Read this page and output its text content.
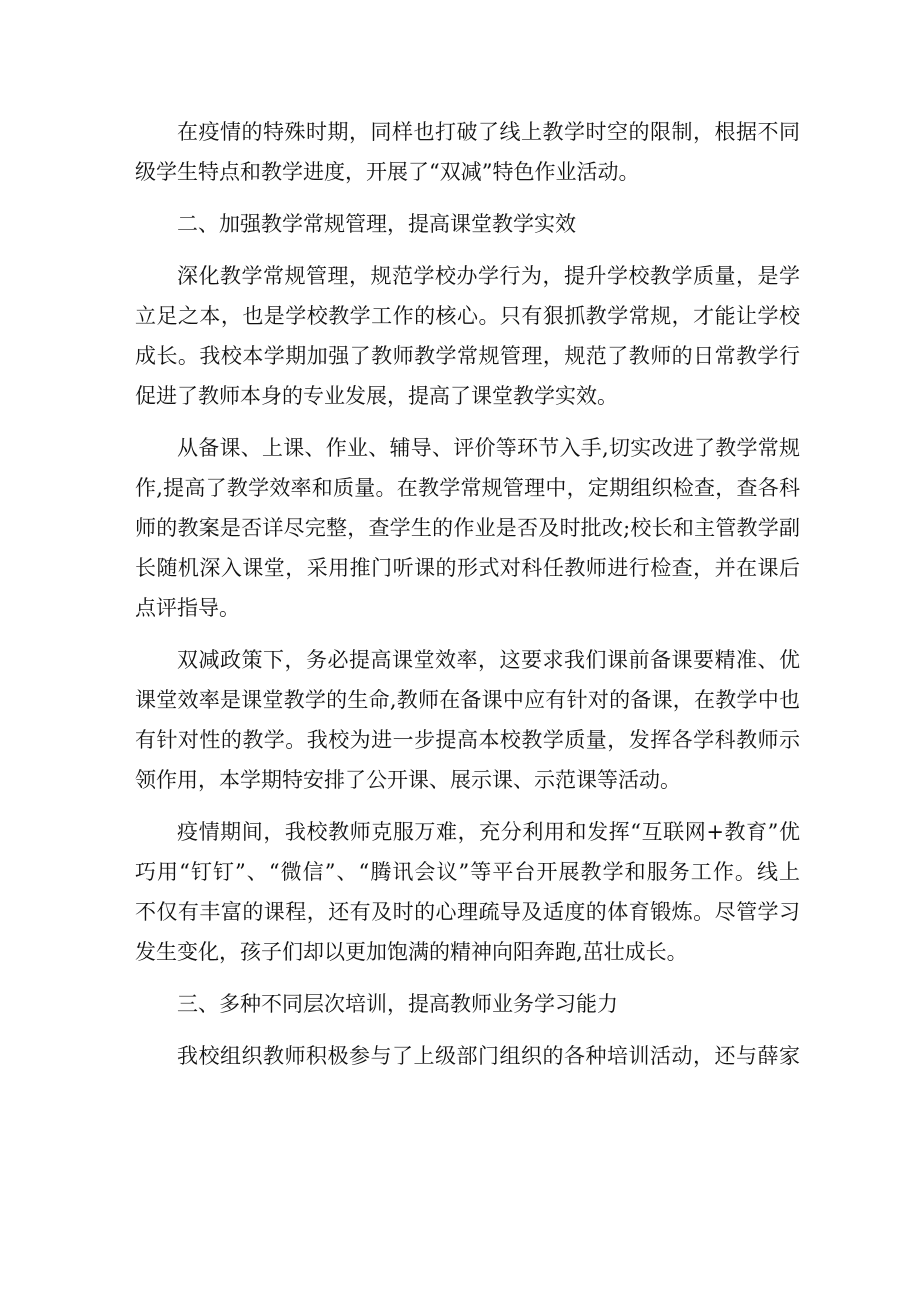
在疫情的特殊时期，同样也打破了线上教学时空的限制，根据不同
级学生特点和教学进度，开展了“双减”特色作业活动。
二、加强教学常规管理，提高课堂教学实效
深化教学常规管理，规范学校办学行为，提升学校教学质量，是学
立足之本，也是学校教学工作的核心。只有狠抓教学常规，才能让学校
成长。我校本学期加强了教师教学常规管理，规范了教师的日常教学行
促进了教师本身的专业发展，提高了课堂教学实效。
从备课、上课、作业、辅导、评价等环节入手,切实改进了教学常规
作,提高了教学效率和质量。在教学常规管理中，定期组织检查，查各科
师的教案是否详尽完整，查学生的作业是否及时批改;校长和主管教学副
长随机深入课堂，采用推门听课的形式对科任教师进行检查，并在课后
点评指导。
双减政策下，务必提高课堂效率，这要求我们课前备课要精准、优
课堂效率是课堂教学的生命,教师在备课中应有针对的备课，在教学中也
有针对性的教学。我校为进一步提高本校教学质量，发挥各学科教师示
领作用，本学期特安排了公开课、展示课、示范课等活动。
疫情期间，我校教师克服万难，充分利用和发挥“互联网+教育”优
巧用“钉钉”、“微信”、“腾讯会议”等平台开展教学和服务工作。线上
不仅有丰富的课程，还有及时的心理疏导及适度的体育锻炼。尽管学习
发生变化，孩子们却以更加饱满的精神向阳奔跑,茁壮成长。
三、多种不同层次培训，提高教师业务学习能力
我校组织教师积极参与了上级部门组织的各种培训活动，还与薛家
